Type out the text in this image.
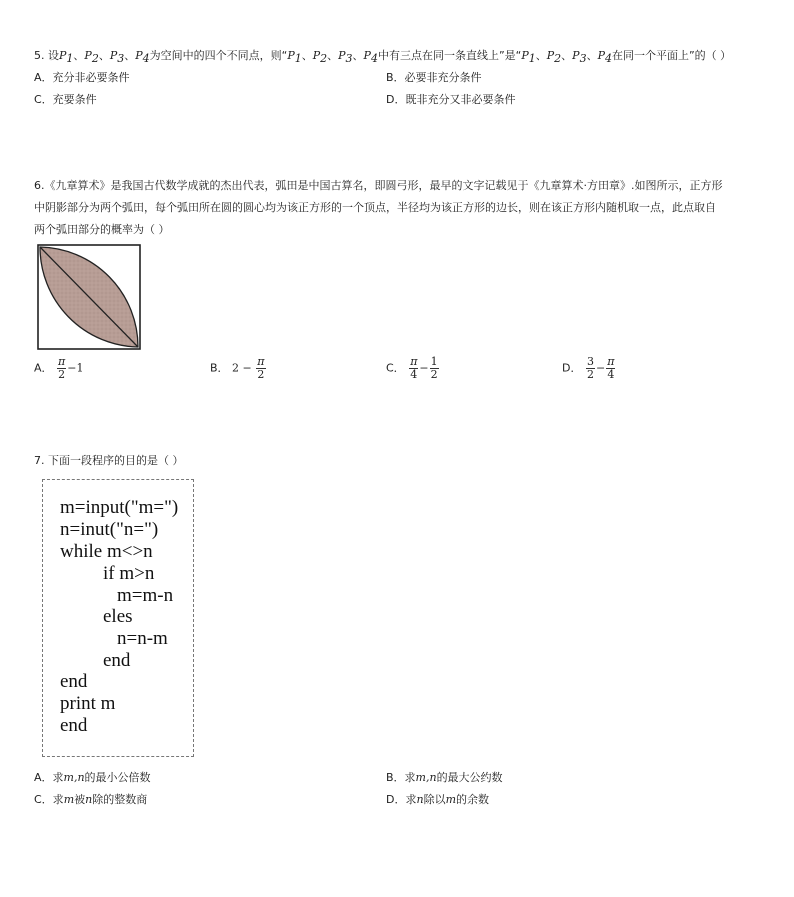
5. 设$P_1$、$P_2$、$P_3$、$P_4$为空间中的四个不同点，则“$P_1$、$P_2$、$P_3$、$P_4$中有三点在同一条直线上”是“$P_1$、$P_2$、$P_3$、$P_4$在同一个平面上”的（ ）
A．充分非必要条件	B．必要非充分条件
C．充要条件	D．既非充分又非必要条件
6.《九章算术》是我国古代数学成就的杰出代表，弧田是中国古算名，即圆弓形，最早的文字记载见于《九章算术·方田章》.如图所示，正方形
中阴影部分为两个弧田，每个弧田所在圆的圆心均为该正方形的一个顶点，半径均为该正方形的边长，则在该正方形内随机取一点，此点取自
两个弧田部分的概率为（ ）
A． $\frac{\pi}{2} -1$	B． $2 - \frac{\pi}{2}$	C． $\frac{\pi}{4} - \frac{1}{2}$	D． $\frac{3}{2} - \frac{\pi}{4}$
7. 下面一段程序的目的是（ ）
m=input("m=")
n=inut("n=")
while m<>n
if m>n
m=m-n
eles
n=n-m
end
end
print m
end
A．求m,n的最小公倍数	B．求m,n的最大公约数
C．求m被n除的整数商	D．求n除以m的余数
